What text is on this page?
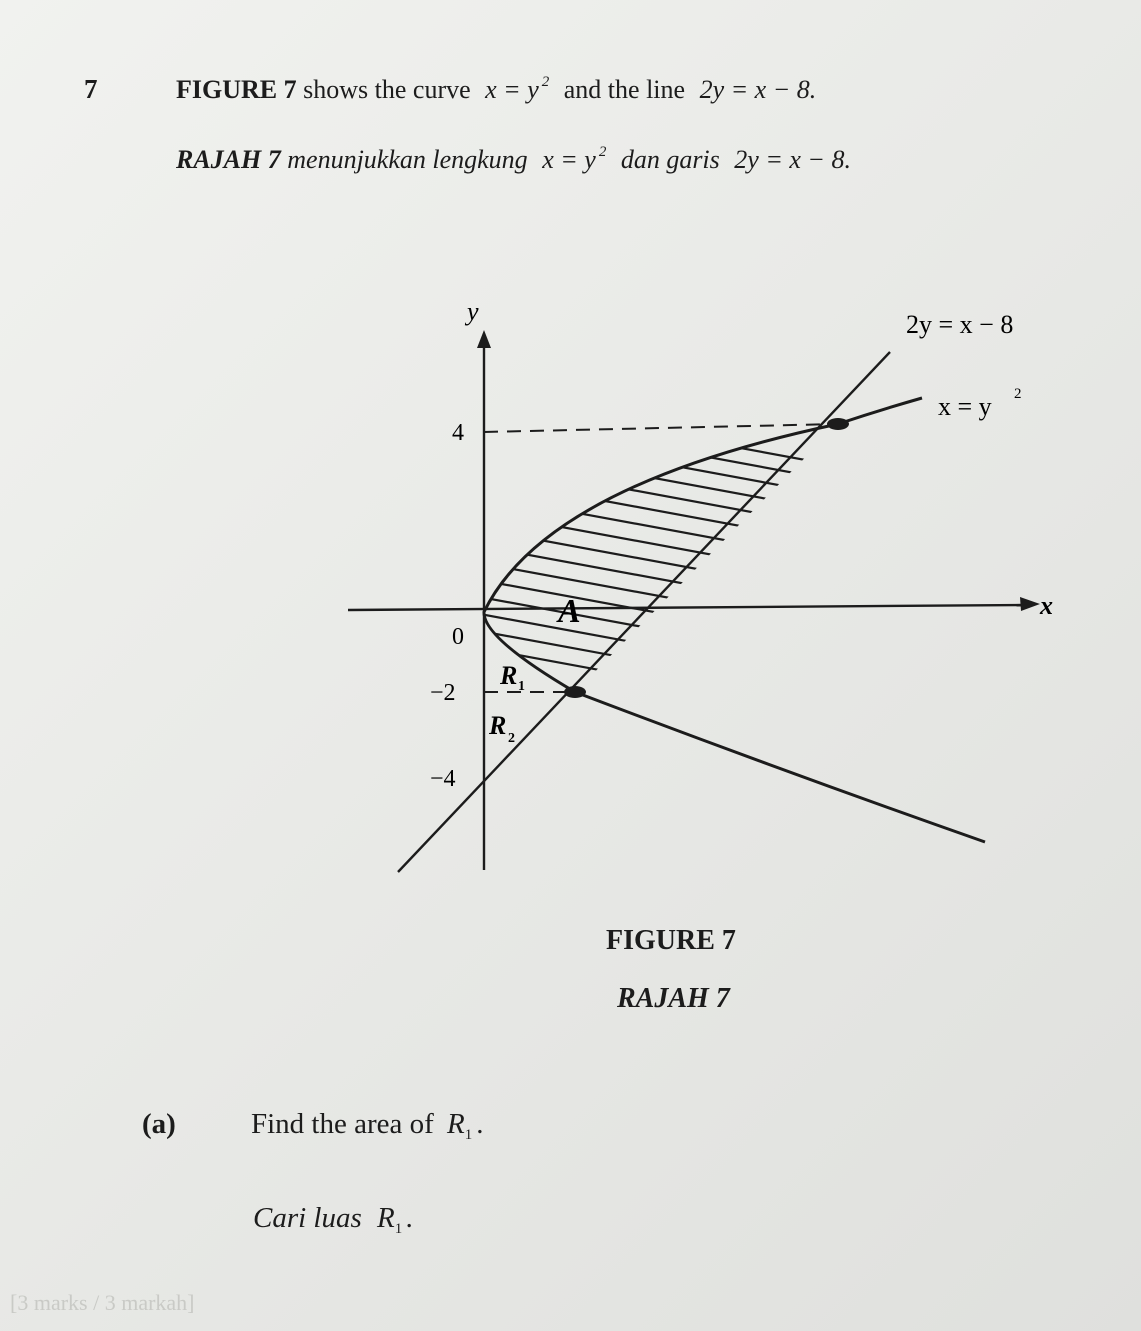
7	FIGURE 7 shows the curve x = y $^2$ and the line 2y = x − 8.
RAJAH 7 menunjukkan lengkung x = y $^2$ dan garis 2y = x − 8.
y
x
4
0
−2
−4
2y = x − 8
x = y 2
A
R 1
R 2
FIGURE 7
RAJAH 7
(a)	Find the area of $R_1$ .
Cari luas $R_1$ .
[3 marks / 3 markah]
